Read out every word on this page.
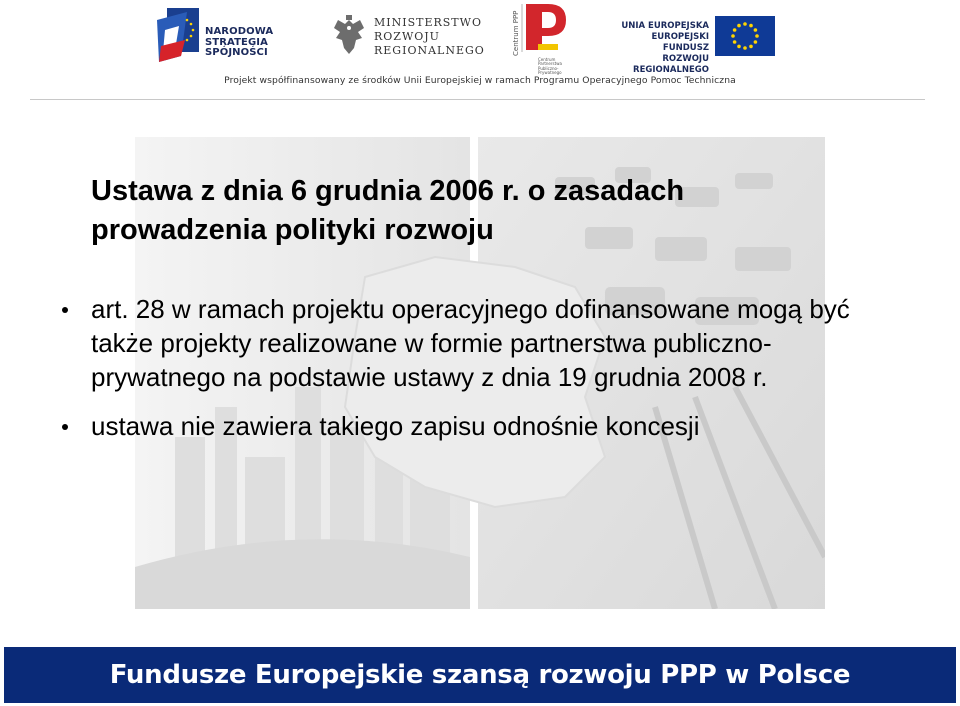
NARODOWA
STRATEGIA SPÓJNOŚCI
MINISTERSTWO
ROZWOJU
REGIONALNEGO	Centrum PPP
Centrum Partnerstwa Publiczno-Prywatnego
UNIA EUROPEJSKA
EUROPEJSKI FUNDUSZ
ROZWOJU REGIONALNEGO
Projekt współfinansowany ze środków Unii Europejskiej w ramach Programu Operacyjnego Pomoc Techniczna
Ustawa z dnia 6 grudnia 2006 r. o zasadach
prowadzenia polityki rozwoju
art. 28 w ramach projektu operacyjnego dofinansowane mogą być także projekty realizowane w formie partnerstwa publiczno-prywatnego na podstawie ustawy z dnia 19 grudnia 2008 r.
ustawa nie zawiera takiego zapisu odnośnie koncesji
Fundusze Europejskie szansą rozwoju PPP w Polsce
